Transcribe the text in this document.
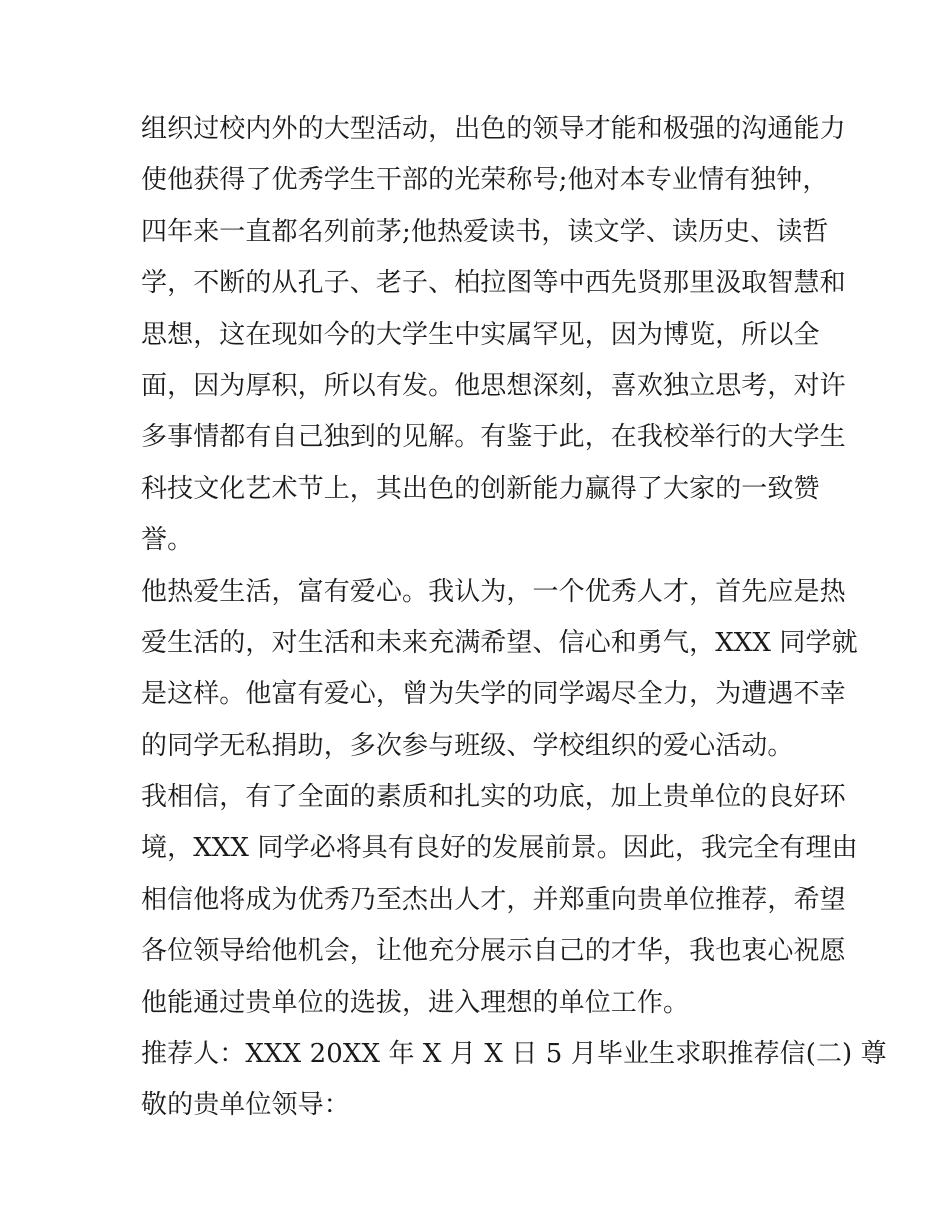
组织过校内外的大型活动，出色的领导才能和极强的沟通能力
使他获得了优秀学生干部的光荣称号;他对本专业情有独钟，
四年来一直都名列前茅;他热爱读书，读文学、读历史、读哲
学，不断的从孔子、老子、柏拉图等中西先贤那里汲取智慧和
思想，这在现如今的大学生中实属罕见，因为博览，所以全
面，因为厚积，所以有发。他思想深刻，喜欢独立思考，对许
多事情都有自己独到的见解。有鉴于此，在我校举行的大学生
科技文化艺术节上，其出色的创新能力赢得了大家的一致赞
誉。
他热爱生活，富有爱心。我认为，一个优秀人才，首先应是热
爱生活的，对生活和未来充满希望、信心和勇气，XXX 同学就
是这样。他富有爱心，曾为失学的同学竭尽全力，为遭遇不幸
的同学无私捐助，多次参与班级、学校组织的爱心活动。
我相信，有了全面的素质和扎实的功底，加上贵单位的良好环
境，XXX 同学必将具有良好的发展前景。因此，我完全有理由
相信他将成为优秀乃至杰出人才，并郑重向贵单位推荐，希望
各位领导给他机会，让他充分展示自己的才华，我也衷心祝愿
他能通过贵单位的选拔，进入理想的单位工作。
推荐人：XXX 20XX 年 X 月 X 日 5 月毕业生求职推荐信(二) 尊
敬的贵单位领导：
